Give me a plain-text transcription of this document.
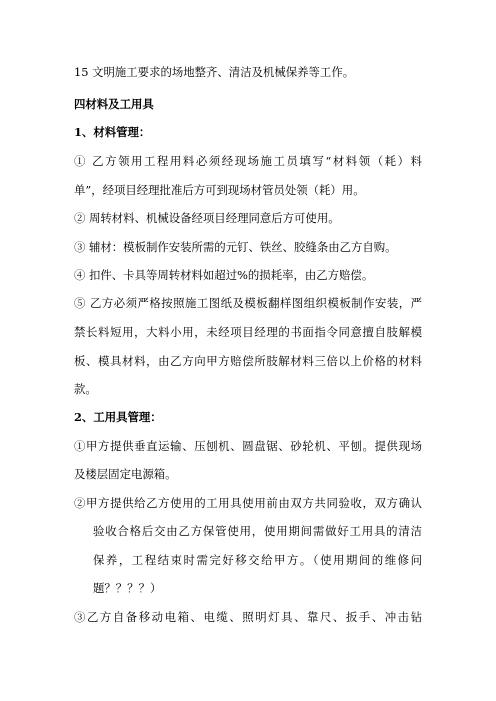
15 文明施工要求的场地整齐、清洁及机械保养等工作。
四材料及工用具
1、材料管理：
① 乙方领用工程用料必须经现场施工员填写“材料领（耗）料
单”，经项目经理批准后方可到现场材管员处领（耗）用。
② 周转材料、机械设备经项目经理同意后方可使用。
③ 辅材：模板制作安装所需的元钉、铁丝、胶缝条由乙方自购。
④ 扣件、卡具等周转材料如超过%的损耗率，由乙方赔偿。
⑤ 乙方必须严格按照施工图纸及模板翻样图组织模板制作安装，严
禁长料短用，大料小用，未经项目经理的书面指令同意擅自肢解模
板、模具材料，由乙方向甲方赔偿所肢解材料三倍以上价格的材料
款。
2、工用具管理：
①甲方提供垂直运输、压刨机、圆盘锯、砂轮机、平刨。提供现场
及楼层固定电源箱。
②甲方提供给乙方使用的工用具使用前由双方共同验收，双方确认
验收合格后交由乙方保管使用，使用期间需做好工用具的清洁
保养，工程结束时需完好移交给甲方。（使用期间的维修问
题？？？？）
③乙方自备移动电箱、电缆、照明灯具、靠尺、扳手、冲击钻
